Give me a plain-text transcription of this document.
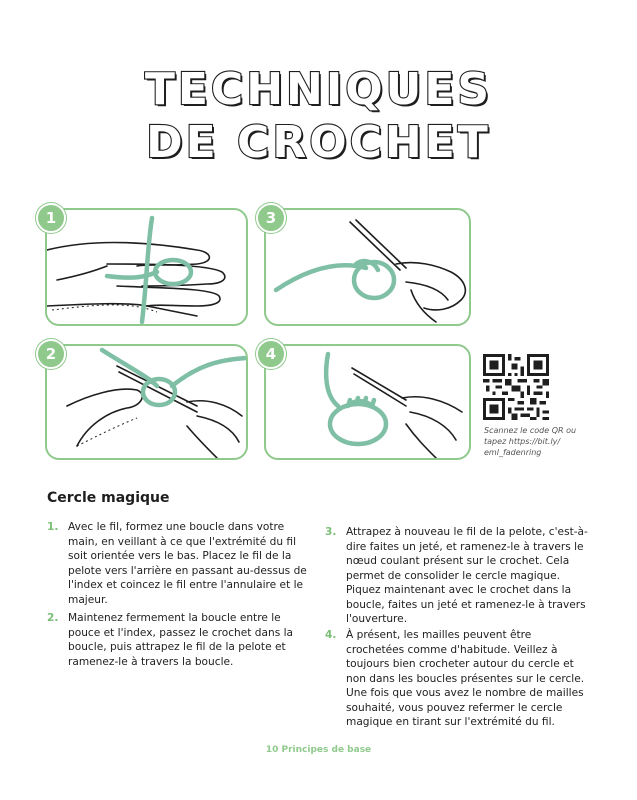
TECHNIQUES
DE CROCHET
1	3
2	4
Scannez le code QR ou tapez https://bit.ly/ eml_fadenring
Cercle magique
1. Avec le fil, formez une boucle dans votre main, en veillant à ce que l'extrémité du fil soit orientée vers le bas. Placez le fil de la pelote vers l'arrière en passant au-dessus de l'index et coincez le fil entre l'annulaire et le majeur.
2. Maintenez fermement la boucle entre le pouce et l'index, passez le crochet dans la boucle, puis attrapez le fil de la pelote et ramenez-le à travers la boucle.
3. Attrapez à nouveau le fil de la pelote, c'est-à-dire faites un jeté, et ramenez-le à travers le nœud coulant présent sur le crochet. Cela permet de consolider le cercle magique. Piquez maintenant avec le crochet dans la boucle, faites un jeté et ramenez-le à travers l'ouverture.
4. À présent, les mailles peuvent être crochetées comme d'habitude. Veillez à toujours bien crocheter autour du cercle et non dans les boucles présentes sur le cercle. Une fois que vous avez le nombre de mailles souhaité, vous pouvez refermer le cercle magique en tirant sur l'extrémité du fil.
10 Principes de base
